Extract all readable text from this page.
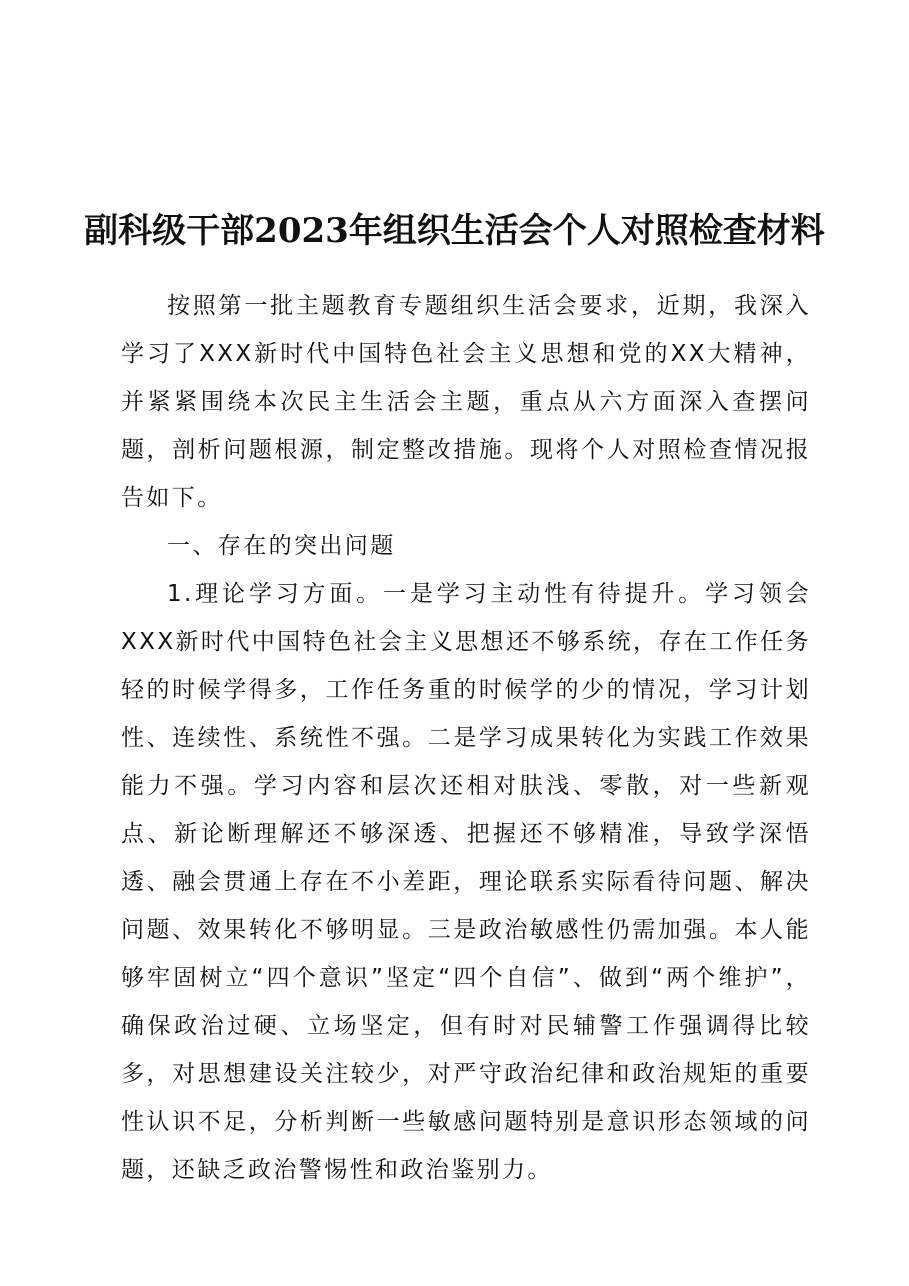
副科级干部2023年组织生活会个人对照检查材料

按照第一批主题教育专题组织生活会要求，近期，我深入学习了XXX新时代中国特色社会主义思想和党的XX大精神，并紧紧围绕本次民主生活会主题，重点从六方面深入查摆问题，剖析问题根源，制定整改措施。现将个人对照检查情况报告如下。

一、存在的突出问题

1.理论学习方面。一是学习主动性有待提升。学习领会XXX新时代中国特色社会主义思想还不够系统，存在工作任务轻的时候学得多，工作任务重的时候学的少的情况，学习计划性、连续性、系统性不强。二是学习成果转化为实践工作效果能力不强。学习内容和层次还相对肤浅、零散，对一些新观点、新论断理解还不够深透、把握还不够精准，导致学深悟透、融会贯通上存在不小差距，理论联系实际看待问题、解决问题、效果转化不够明显。三是政治敏感性仍需加强。本人能够牢固树立“四个意识”坚定“四个自信”、做到“两个维护”，确保政治过硬、立场坚定，但有时对民辅警工作强调得比较多，对思想建设关注较少，对严守政治纪律和政治规矩的重要性认识不足，分析判断一些敏感问题特别是意识形态领域的问题，还缺乏政治警惕性和政治鉴别力。
